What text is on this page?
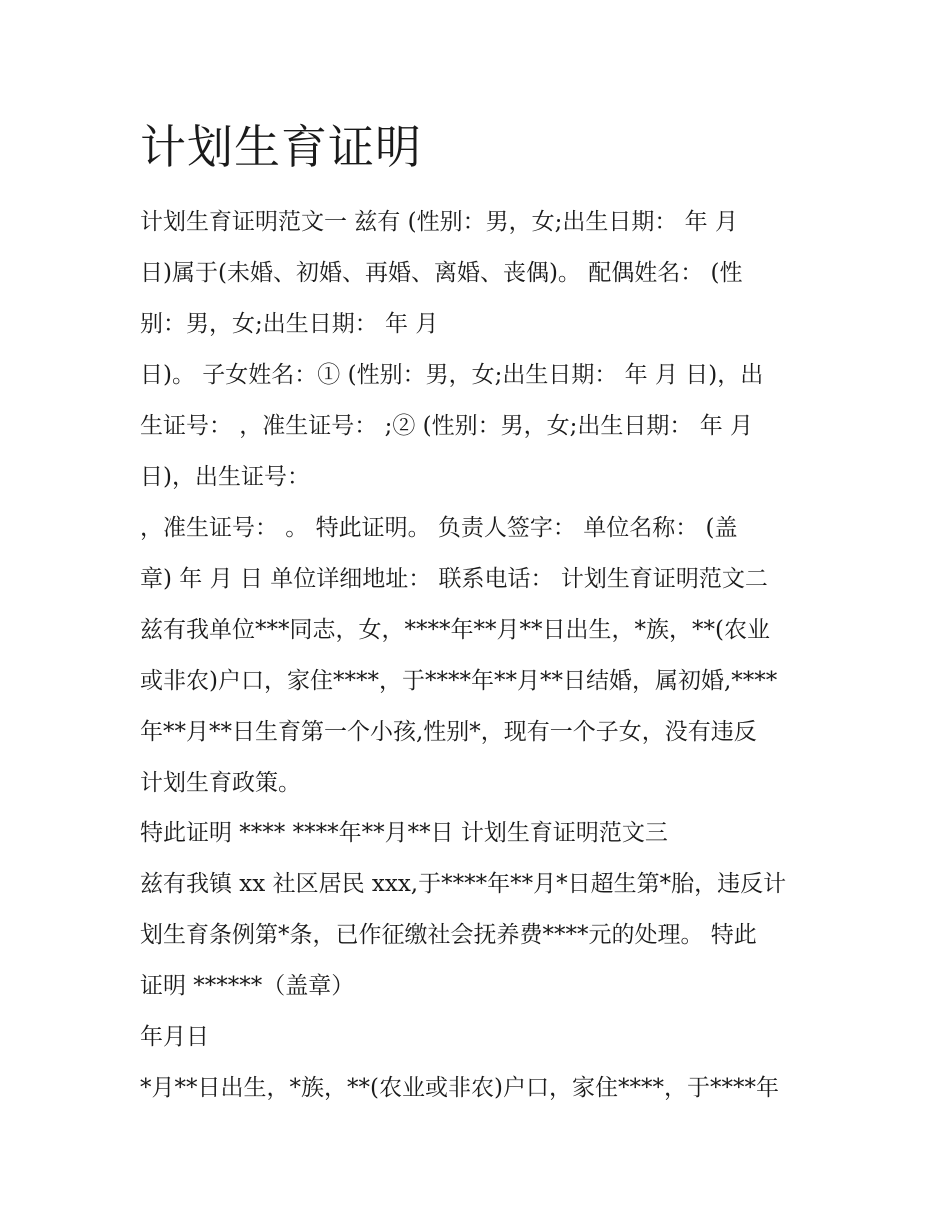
计划生育证明

计划生育证明范文一 兹有 (性别：男，女;出生日期： 年 月

日)属于(未婚、初婚、再婚、离婚、丧偶)。 配偶姓名： (性

别：男，女;出生日期： 年 月

日)。 子女姓名：① (性别：男，女;出生日期： 年 月 日)，出

生证号： ，准生证号： ;② (性别：男，女;出生日期： 年 月

日)，出生证号：

，准生证号： 。 特此证明。 负责人签字： 单位名称： (盖

章) 年 月 日 单位详细地址： 联系电话： 计划生育证明范文二

兹有我单位***同志，女，****年**月**日出生，*族，**(农业

或非农)户口，家住****，于****年**月**日结婚，属初婚,****

年**月**日生育第一个小孩,性别*，现有一个子女，没有违反

计划生育政策。

特此证明 **** ****年**月**日 计划生育证明范文三

兹有我镇 xx 社区居民 xxx,于****年**月*日超生第*胎，违反计

划生育条例第*条，已作征缴社会抚养费****元的处理。 特此

证明 ******（盖章）

年月日

*月**日出生，*族，**(农业或非农)户口，家住****，于****年
